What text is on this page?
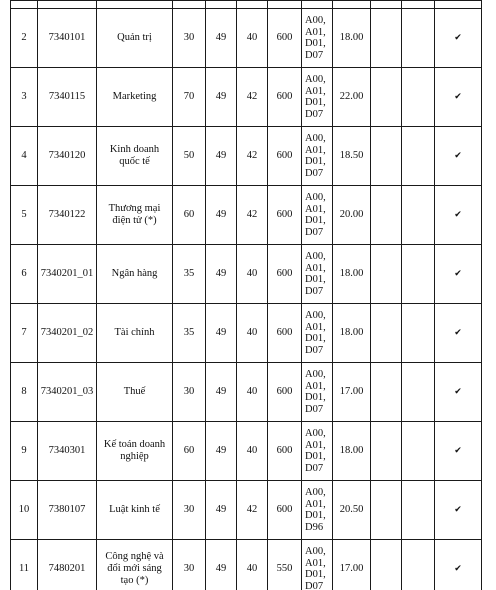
2	7340101	Quản trị	30	49	40	600	A00,
A01,
D01,
D07	18.00			✔
3	7340115	Marketing	70	49	42	600	A00,
A01,
D01,
D07	22.00			✔
4	7340120	Kinh doanh
quốc tế	50	49	42	600	A00,
A01,
D01,
D07	18.50			✔
5	7340122	Thương mại
điện tử (*)	60	49	42	600	A00,
A01,
D01,
D07	20.00			✔
6	7340201_01	Ngân hàng	35	49	40	600	A00,
A01,
D01,
D07	18.00			✔
7	7340201_02	Tài chính	35	49	40	600	A00,
A01,
D01,
D07	18.00			✔
8	7340201_03	Thuế	30	49	40	600	A00,
A01,
D01,
D07	17.00			✔
9	7340301	Kế toán doanh
nghiệp	60	49	40	600	A00,
A01,
D01,
D07	18.00			✔
10	7380107	Luật kinh tế	30	49	42	600	A00,
A01,
D01,
D96	20.50			✔
11	7480201	Công nghệ và
đổi mới sáng
tạo (*)	30	49	40	550	A00,
A01,
D01,
D07	17.00			✔
